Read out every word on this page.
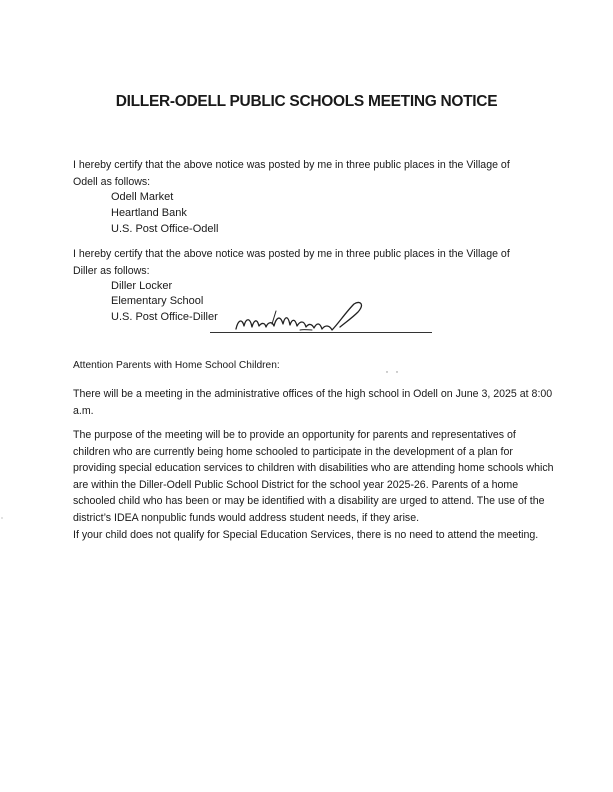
DILLER-ODELL PUBLIC SCHOOLS MEETING NOTICE
I hereby certify that the above notice was posted by me in three public places in the Village of
Odell as follows:
Odell Market
Heartland Bank
U.S. Post Office-Odell
I hereby certify that the above notice was posted by me in three public places in the Village of
Diller as follows:
Diller Locker
Elementary School
U.S. Post Office-Diller
Attention Parents with Home School Children:
There will be a meeting in the administrative offices of the high school in Odell on June 3, 2025 at 8:00
a.m.
The purpose of the meeting will be to provide an opportunity for parents and representatives of
children who are currently being home schooled to participate in the development of a plan for
providing special education services to children with disabilities who are attending home schools which
are within the Diller-Odell Public School District for the school year 2025-26. Parents of a home
schooled child who has been or may be identified with a disability are urged to attend. The use of the
district’s IDEA nonpublic funds would address student needs, if they arise.
If your child does not qualify for Special Education Services, there is no need to attend the meeting.
